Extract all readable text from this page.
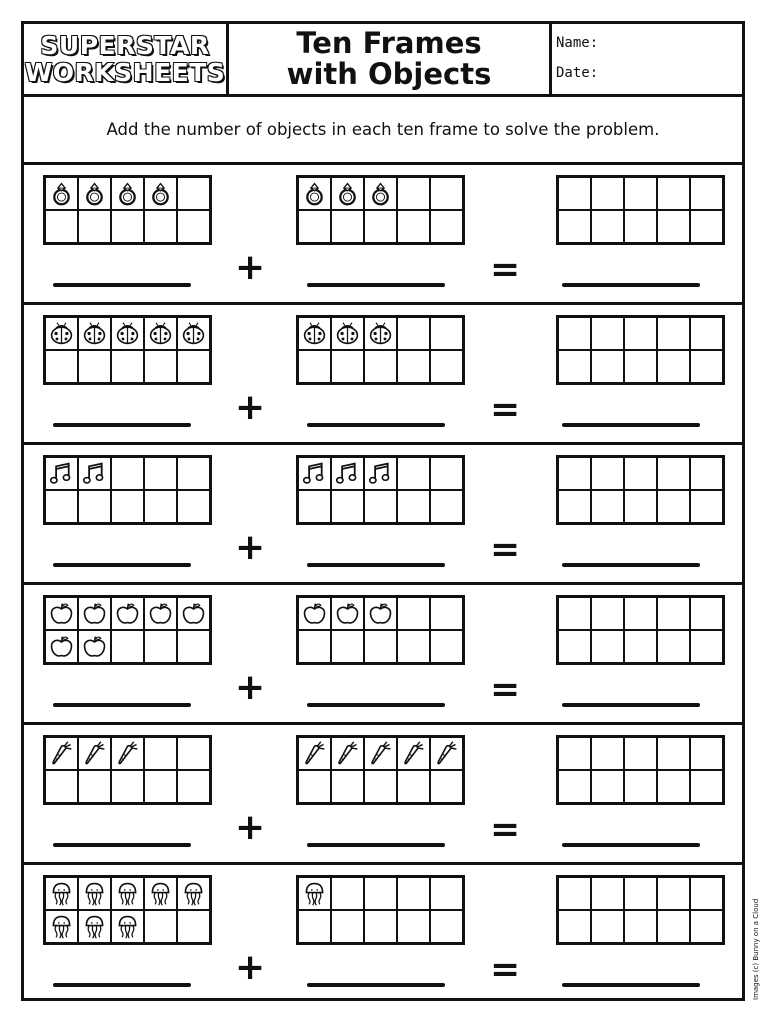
SUPERSTAR
WORKSHEETS
Ten Frames
with Objects
Name:
Date:
Add the number of objects in each ten frame to solve the problem.
+	=
+	=
+	=
+	=
+	=
+	=	Images (c) Bunny on a Cloud
